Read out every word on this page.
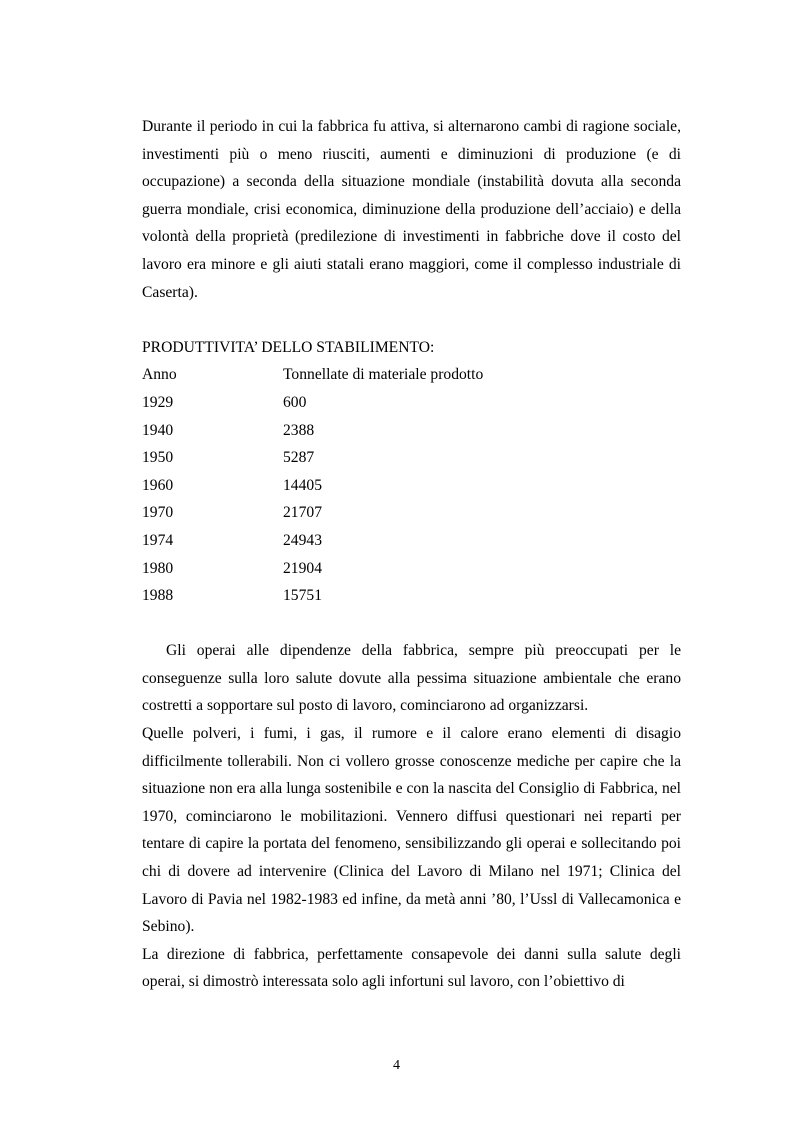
Durante il periodo in cui la fabbrica fu attiva, si alternarono cambi di ragione sociale, investimenti più o meno riusciti, aumenti e diminuzioni di produzione (e di occupazione) a seconda della situazione mondiale (instabilità dovuta alla seconda guerra mondiale, crisi economica, diminuzione della produzione dell’acciaio) e della volontà della proprietà (predilezione di investimenti in fabbriche dove il costo del lavoro era minore e gli aiuti statali erano maggiori, come il complesso industriale di Caserta).

PRODUTTIVITA’ DELLO STABILIMENTO:

Anno	Tonnellate di materiale prodotto
1929	600
1940	2388
1950	5287
1960	14405
1970	21707
1974	24943
1980	21904
1988	15751

Gli operai alle dipendenze della fabbrica, sempre più preoccupati per le conseguenze sulla loro salute dovute alla pessima situazione ambientale che erano costretti a sopportare sul posto di lavoro, cominciarono ad organizzarsi.

Quelle polveri, i fumi, i gas, il rumore e il calore erano elementi di disagio difficilmente tollerabili. Non ci vollero grosse conoscenze mediche per capire che la situazione non era alla lunga sostenibile e con la nascita del Consiglio di Fabbrica, nel 1970, cominciarono le mobilitazioni. Vennero diffusi questionari nei reparti per tentare di capire la portata del fenomeno, sensibilizzando gli operai e sollecitando poi chi di dovere ad intervenire (Clinica del Lavoro di Milano nel 1971; Clinica del Lavoro di Pavia nel 1982-1983 ed infine, da metà anni ’80, l’Ussl di Vallecamonica e Sebino).

La direzione di fabbrica, perfettamente consapevole dei danni sulla salute degli operai, si dimostrò interessata solo agli infortuni sul lavoro, con l’obiettivo di

4
